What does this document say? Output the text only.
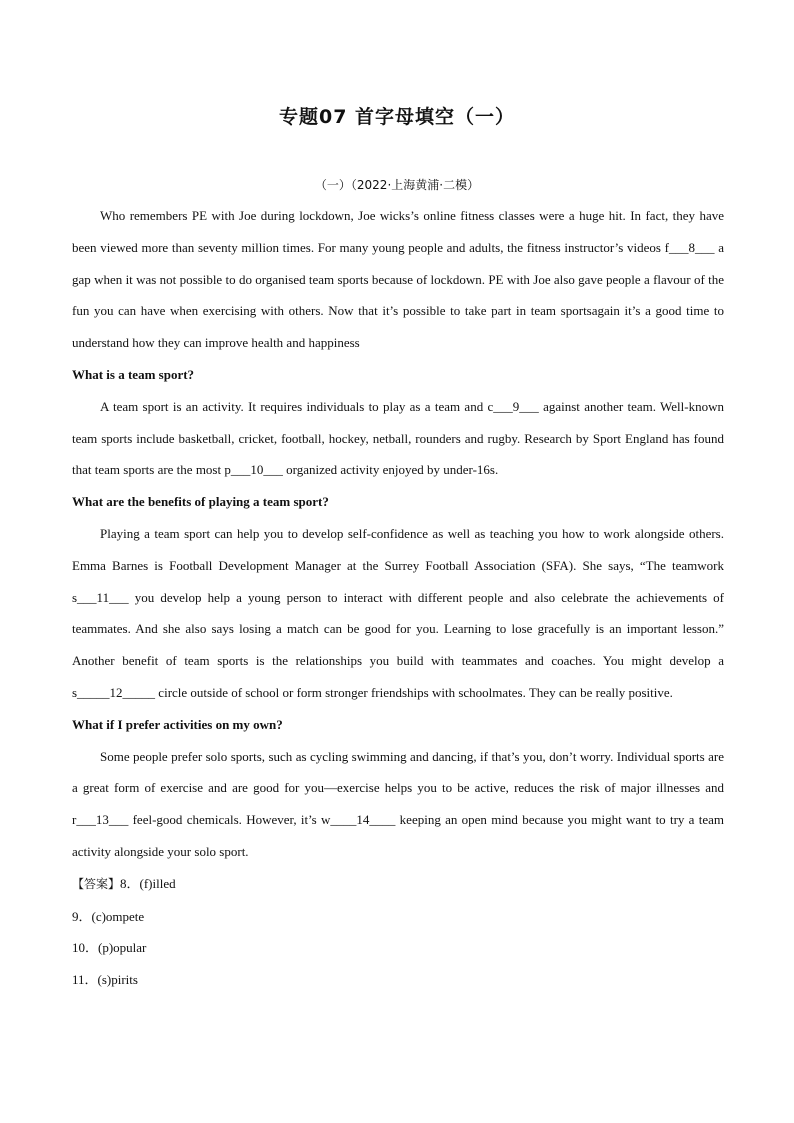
专题07 首字母填空（一）
（一）（2022·上海黄浦·二模）

Who remembers PE with Joe during lockdown, Joe wicks’s online fitness classes were a huge hit. In fact, they have been viewed more than seventy million times. For many young people and adults, the fitness instructor’s videos f___8___ a gap when it was not possible to do organised team sports because of lockdown. PE with Joe also gave people a flavour of the fun you can have when exercising with others. Now that it’s possible to take part in team sportsagain it’s a good time to understand how they can improve health and happiness

What is a team sport?

A team sport is an activity. It requires individuals to play as a team and c___9___ against another team. Well-known team sports include basketball, cricket, football, hockey, netball, rounders and rugby. Research by Sport England has found that team sports are the most p___10___ organized activity enjoyed by under-16s.

What are the benefits of playing a team sport?

Playing a team sport can help you to develop self-confidence as well as teaching you how to work alongside others. Emma Barnes is Football Development Manager at the Surrey Football Association (SFA). She says, “The teamwork s___11___ you develop help a young person to interact with different people and also celebrate the achievements of teammates. And she also says losing a match can be good for you. Learning to lose gracefully is an important lesson.” Another benefit of team sports is the relationships you build with teammates and coaches. You might develop a s_____12_____ circle outside of school or form stronger friendships with schoolmates. They can be really positive.

What if I prefer activities on my own?

Some people prefer solo sports, such as cycling swimming and dancing, if that’s you, don’t worry. Individual sports are a great form of exercise and are good for you—exercise helps you to be active, reduces the risk of major illnesses and r___13___ feel-good chemicals. However, it’s w____14____ keeping an open mind because you might want to try a team activity alongside your solo sport.

【答案】8．(f)illed

9．(c)ompete

10．(p)opular

11．(s)pirits
